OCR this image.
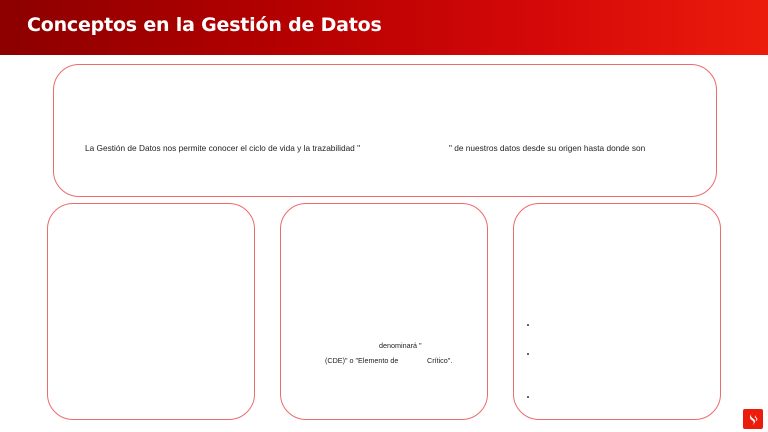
Conceptos en la Gestión de Datos
La Gestión de Datos nos permite conocer el ciclo de vida y la trazabilidad "	" de nuestros datos desde su origen hasta donde son
denominará "
(CDE)" o "Elemento de	Crítico".
